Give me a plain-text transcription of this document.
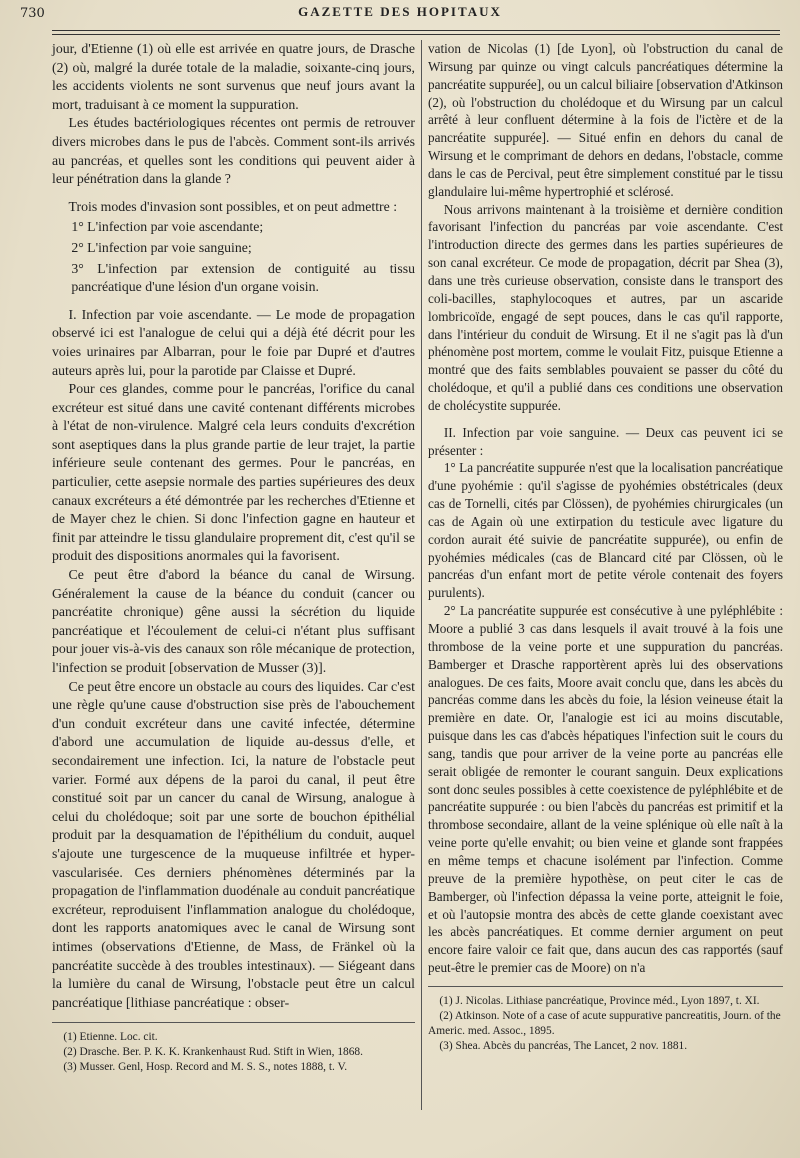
730	GAZETTE DES HOPITAUX

jour, d'Etienne (1) où elle est arrivée en quatre jours, de Drasche (2) où, malgré la durée totale de la maladie, soixante-cinq jours, les accidents violents ne sont survenus que neuf jours avant la mort, traduisant à ce moment la suppuration.

Les études bactériologiques récentes ont permis de retrouver divers microbes dans le pus de l'abcès. Comment sont-ils arrivés au pancréas, et quelles sont les conditions qui peuvent aider à leur pénétration dans la glande ?

Trois modes d'invasion sont possibles, et on peut admettre :

1° L'infection par voie ascendante;

2° L'infection par voie sanguine;

3° L'infection par extension de contiguité au tissu pancréatique d'une lésion d'un organe voisin.

I. Infection par voie ascendante. — Le mode de propagation observé ici est l'analogue de celui qui a déjà été décrit pour les voies urinaires par Albarran, pour le foie par Dupré et d'autres auteurs après lui, pour la parotide par Claisse et Dupré.

Pour ces glandes, comme pour le pancréas, l'orifice du canal excréteur est situé dans une cavité contenant différents microbes à l'état de non-virulence. Malgré cela leurs conduits d'excrétion sont aseptiques dans la plus grande partie de leur trajet, la partie inférieure seule contenant des germes. Pour le pancréas, en particulier, cette asepsie normale des parties supérieures des deux canaux excréteurs a été démontrée par les recherches d'Etienne et de Mayer chez le chien. Si donc l'infection gagne en hauteur et finit par atteindre le tissu glandulaire proprement dit, c'est qu'il se produit des dispositions anormales qui la favorisent.

Ce peut être d'abord la béance du canal de Wirsung. Généralement la cause de la béance du conduit (cancer ou pancréatite chronique) gêne aussi la sécrétion du liquide pancréatique et l'écoulement de celui-ci n'étant plus suffisant pour jouer vis-à-vis des canaux son rôle mécanique de protection, l'infection se produit [observation de Musser (3)].

Ce peut être encore un obstacle au cours des liquides. Car c'est une règle qu'une cause d'obstruction sise près de l'abouchement d'un conduit excréteur dans une cavité infectée, détermine d'abord une accumulation de liquide au-dessus d'elle, et secondairement une infection. Ici, la nature de l'obstacle peut varier. Formé aux dépens de la paroi du canal, il peut être constitué soit par un cancer du canal de Wirsung, analogue à celui du cholédoque; soit par une sorte de bouchon épithélial produit par la desquamation de l'épithélium du conduit, auquel s'ajoute une turgescence de la muqueuse infiltrée et hyper-vascularisée. Ces derniers phénomènes déterminés par la propagation de l'inflammation duodénale au conduit pancréatique excréteur, reproduisent l'inflammation analogue du cholédoque, dont les rapports anatomiques avec le canal de Wirsung sont intimes (observations d'Etienne, de Mass, de Fränkel où la pancréatite succède à des troubles intestinaux). — Siégeant dans la lumière du canal de Wirsung, l'obstacle peut être un calcul pancréatique [lithiase pancréatique : obser-

vation de Nicolas (1) [de Lyon], où l'obstruction du canal de Wirsung par quinze ou vingt calculs pancréatiques détermine la pancréatite suppurée], ou un calcul biliaire [observation d'Atkinson (2), où l'obstruction du cholédoque et du Wirsung par un calcul arrêté à leur confluent détermine à la fois de l'ictère et de la pancréatite suppurée]. — Situé enfin en dehors du canal de Wirsung et le comprimant de dehors en dedans, l'obstacle, comme dans le cas de Percival, peut être simplement constitué par le tissu glandulaire lui-même hypertrophié et sclérosé.

Nous arrivons maintenant à la troisième et dernière condition favorisant l'infection du pancréas par voie ascendante. C'est l'introduction directe des germes dans les parties supérieures de son canal excréteur. Ce mode de propagation, décrit par Shea (3), dans une très curieuse observation, consiste dans le transport des coli-bacilles, staphylocoques et autres, par un ascaride lombricoïde, engagé de sept pouces, dans le cas qu'il rapporte, dans l'intérieur du conduit de Wirsung. Et il ne s'agit pas là d'un phénomène post mortem, comme le voulait Fitz, puisque Etienne a montré que des faits semblables pouvaient se passer du côté du cholédoque, et qu'il a publié dans ces conditions une observation de cholécystite suppurée.

II. Infection par voie sanguine. — Deux cas peuvent ici se présenter :

1° La pancréatite suppurée n'est que la localisation pancréatique d'une pyohémie : qu'il s'agisse de pyohémies obstétricales (deux cas de Tornelli, cités par Clössen), de pyohémies chirurgicales (un cas de Again où une extirpation du testicule avec ligature du cordon aurait été suivie de pancréatite suppurée), ou enfin de pyohémies médicales (cas de Blancard cité par Clössen, où le pancréas d'un enfant mort de petite vérole contenait des foyers purulents).

2° La pancréatite suppurée est consécutive à une pyléphlébite : Moore a publié 3 cas dans lesquels il avait trouvé à la fois une thrombose de la veine porte et une suppuration du pancréas. Bamberger et Drasche rapportèrent après lui des observations analogues. De ces faits, Moore avait conclu que, dans les abcès du pancréas comme dans les abcès du foie, la lésion veineuse était la première en date. Or, l'analogie est ici au moins discutable, puisque dans les cas d'abcès hépatiques l'infection suit le cours du sang, tandis que pour arriver de la veine porte au pancréas elle serait obligée de remonter le courant sanguin. Deux explications sont donc seules possibles à cette coexistence de pyléphlébite et de pancréatite suppurée : ou bien l'abcès du pancréas est primitif et la thrombose secondaire, allant de la veine splénique où elle naît à la veine porte qu'elle envahit; ou bien veine et glande sont frappées en même temps et chacune isolément par l'infection. Comme preuve de la première hypothèse, on peut citer le cas de Bamberger, où l'infection dépassa la veine porte, atteignit le foie, et où l'autopsie montra des abcès de cette glande coexistant avec les abcès pancréatiques. Et comme dernier argument on peut encore faire valoir ce fait que, dans aucun des cas rapportés (sauf peut-être le premier cas de Moore) on n'a

(1) Etienne. Loc. cit.

(2) Drasche. Ber. P. K. K. Krankenhaust Rud. Stift in Wien, 1868.

(3) Musser. Genl, Hosp. Record and M. S. S., notes 1888, t. V.

(1) J. Nicolas. Lithiase pancréatique, Province méd., Lyon 1897, t. XI.

(2) Atkinson. Note of a case of acute suppurative pancreatitis, Journ. of the Americ. med. Assoc., 1895.

(3) Shea. Abcès du pancréas, The Lancet, 2 nov. 1881.
